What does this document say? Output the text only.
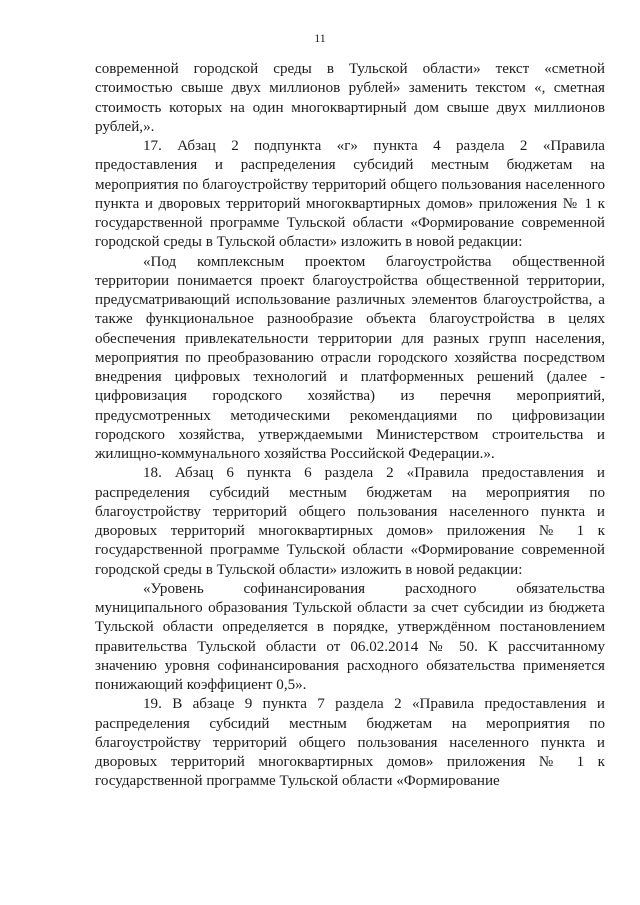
11

современной городской среды в Тульской области» текст «сметной стоимостью свыше двух миллионов рублей» заменить текстом «, сметная стоимость которых на один многоквартирный дом свыше двух миллионов рублей,».

17. Абзац 2 подпункта «г» пункта 4 раздела 2 «Правила предоставления и распределения субсидий местным бюджетам на мероприятия по благоустройству территорий общего пользования населенного пункта и дворовых территорий многоквартирных домов» приложения № 1 к государственной программе Тульской области «Формирование современной городской среды в Тульской области» изложить в новой редакции:

«Под комплексным проектом благоустройства общественной территории понимается проект благоустройства общественной территории, предусматривающий использование различных элементов благоустройства, а также функциональное разнообразие объекта благоустройства в целях обеспечения привлекательности территории для разных групп населения, мероприятия по преобразованию отрасли городского хозяйства посредством внедрения цифровых технологий и платформенных решений (далее - цифровизация городского хозяйства) из перечня мероприятий, предусмотренных методическими рекомендациями по цифровизации городского хозяйства, утверждаемыми Министерством строительства и жилищно-коммунального хозяйства Российской Федерации.».

18. Абзац 6 пункта 6 раздела 2 «Правила предоставления и распределения субсидий местным бюджетам на мероприятия по благоустройству территорий общего пользования населенного пункта и дворовых территорий многоквартирных домов» приложения № 1 к государственной программе Тульской области «Формирование современной городской среды в Тульской области» изложить в новой редакции:

«Уровень софинансирования расходного обязательства муниципального образования Тульской области за счет субсидии из бюджета Тульской области определяется в порядке, утверждённом постановлением правительства Тульской области от 06.02.2014 № 50. К рассчитанному значению уровня софинансирования расходного обязательства применяется понижающий коэффициент 0,5».

19. В абзаце 9 пункта 7 раздела 2 «Правила предоставления и распределения субсидий местным бюджетам на мероприятия по благоустройству территорий общего пользования населенного пункта и дворовых территорий многоквартирных домов» приложения № 1 к государственной программе Тульской области «Формирование
